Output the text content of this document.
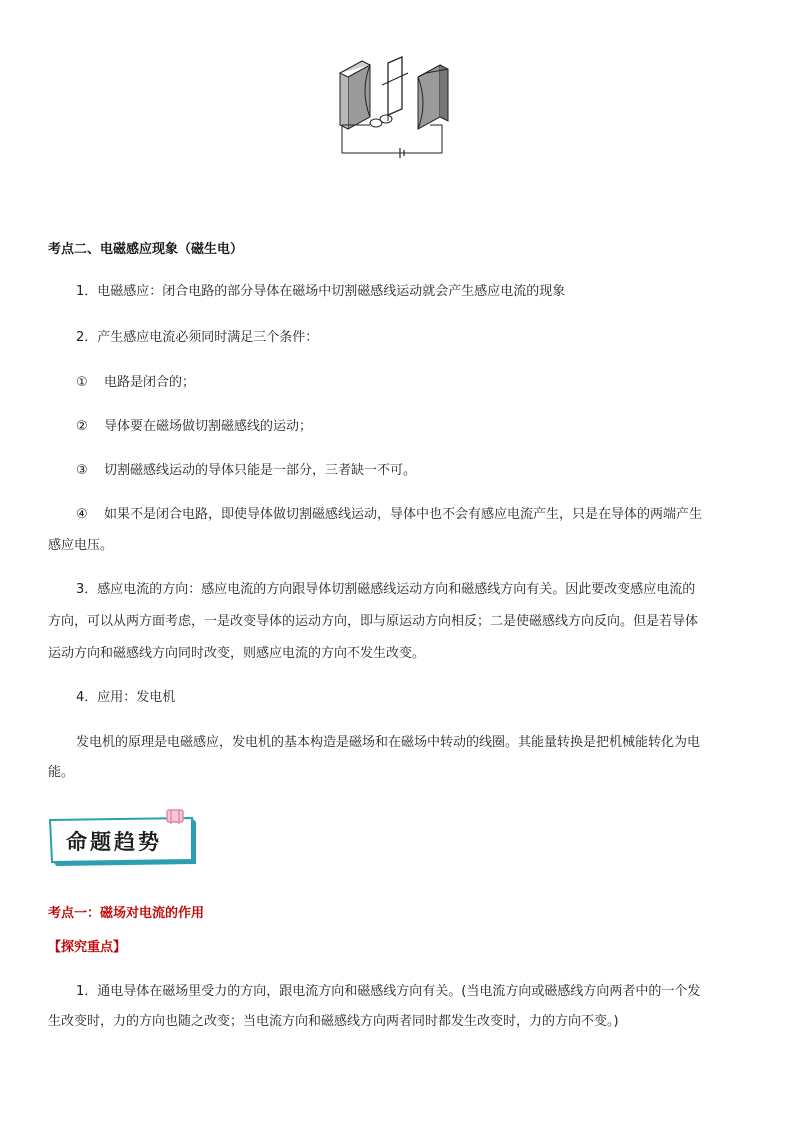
考点二、电磁感应现象（磁生电）
1．电磁感应：闭合电路的部分导体在磁场中切割磁感线运动就会产生感应电流的现象
2．产生感应电流必须同时满足三个条件：
① 电路是闭合的；
② 导体要在磁场做切割磁感线的运动；
③ 切割磁感线运动的导体只能是一部分，三者缺一不可。
④ 如果不是闭合电路，即使导体做切割磁感线运动，导体中也不会有感应电流产生，只是在导体的两端产生
感应电压。
3．感应电流的方向：感应电流的方向跟导体切割磁感线运动方向和磁感线方向有关。因此要改变感应电流的
方向，可以从两方面考虑，一是改变导体的运动方向，即与原运动方向相反；二是使磁感线方向反向。但是若导体
运动方向和磁感线方向同时改变，则感应电流的方向不发生改变。
4．应用：发电机
发电机的原理是电磁感应，发电机的基本构造是磁场和在磁场中转动的线圈。其能量转换是把机械能转化为电
能。
命题趋势
考点一：磁场对电流的作用
【探究重点】
1．通电导体在磁场里受力的方向，跟电流方向和磁感线方向有关。(当电流方向或磁感线方向两者中的一个发
生改变时，力的方向也随之改变；当电流方向和磁感线方向两者同时都发生改变时，力的方向不变。)
